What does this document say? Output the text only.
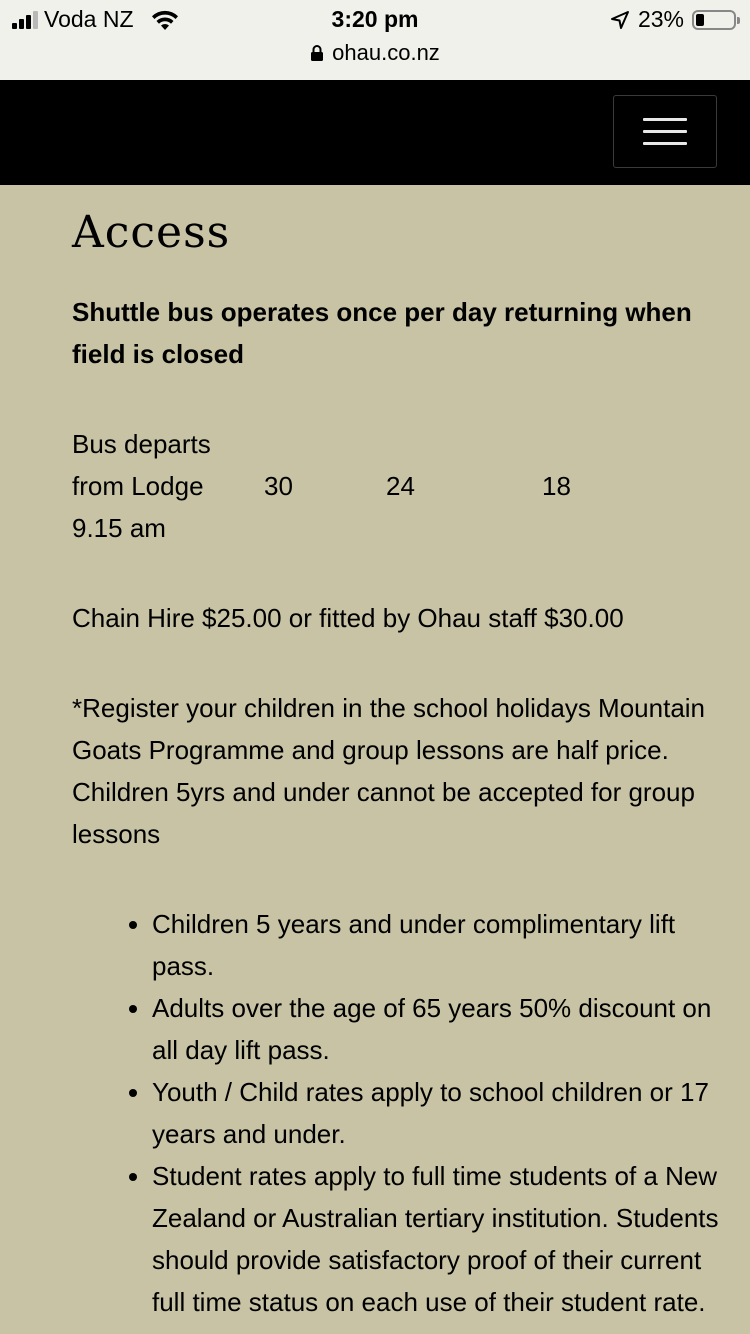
Voda NZ	3:20 pm
ohau.co.nz
23%
Access

Shuttle bus operates once per day returning when field is closed

Bus departs from Lodge 9.15 am
30	24	18

Chain Hire $25.00 or fitted by Ohau staff $30.00

*Register your children in the school holidays Mountain Goats Programme and group lessons are half price. Children 5yrs and under cannot be accepted for group lessons

• Children 5 years and under complimentary lift pass.
• Adults over the age of 65 years 50% discount on all day lift pass.
• Youth / Child rates apply to school children or 17 years and under.
• Student rates apply to full time students of a New Zealand or Australian tertiary institution. Students should provide satisfactory proof of their current full time status on each use of their student rate.
